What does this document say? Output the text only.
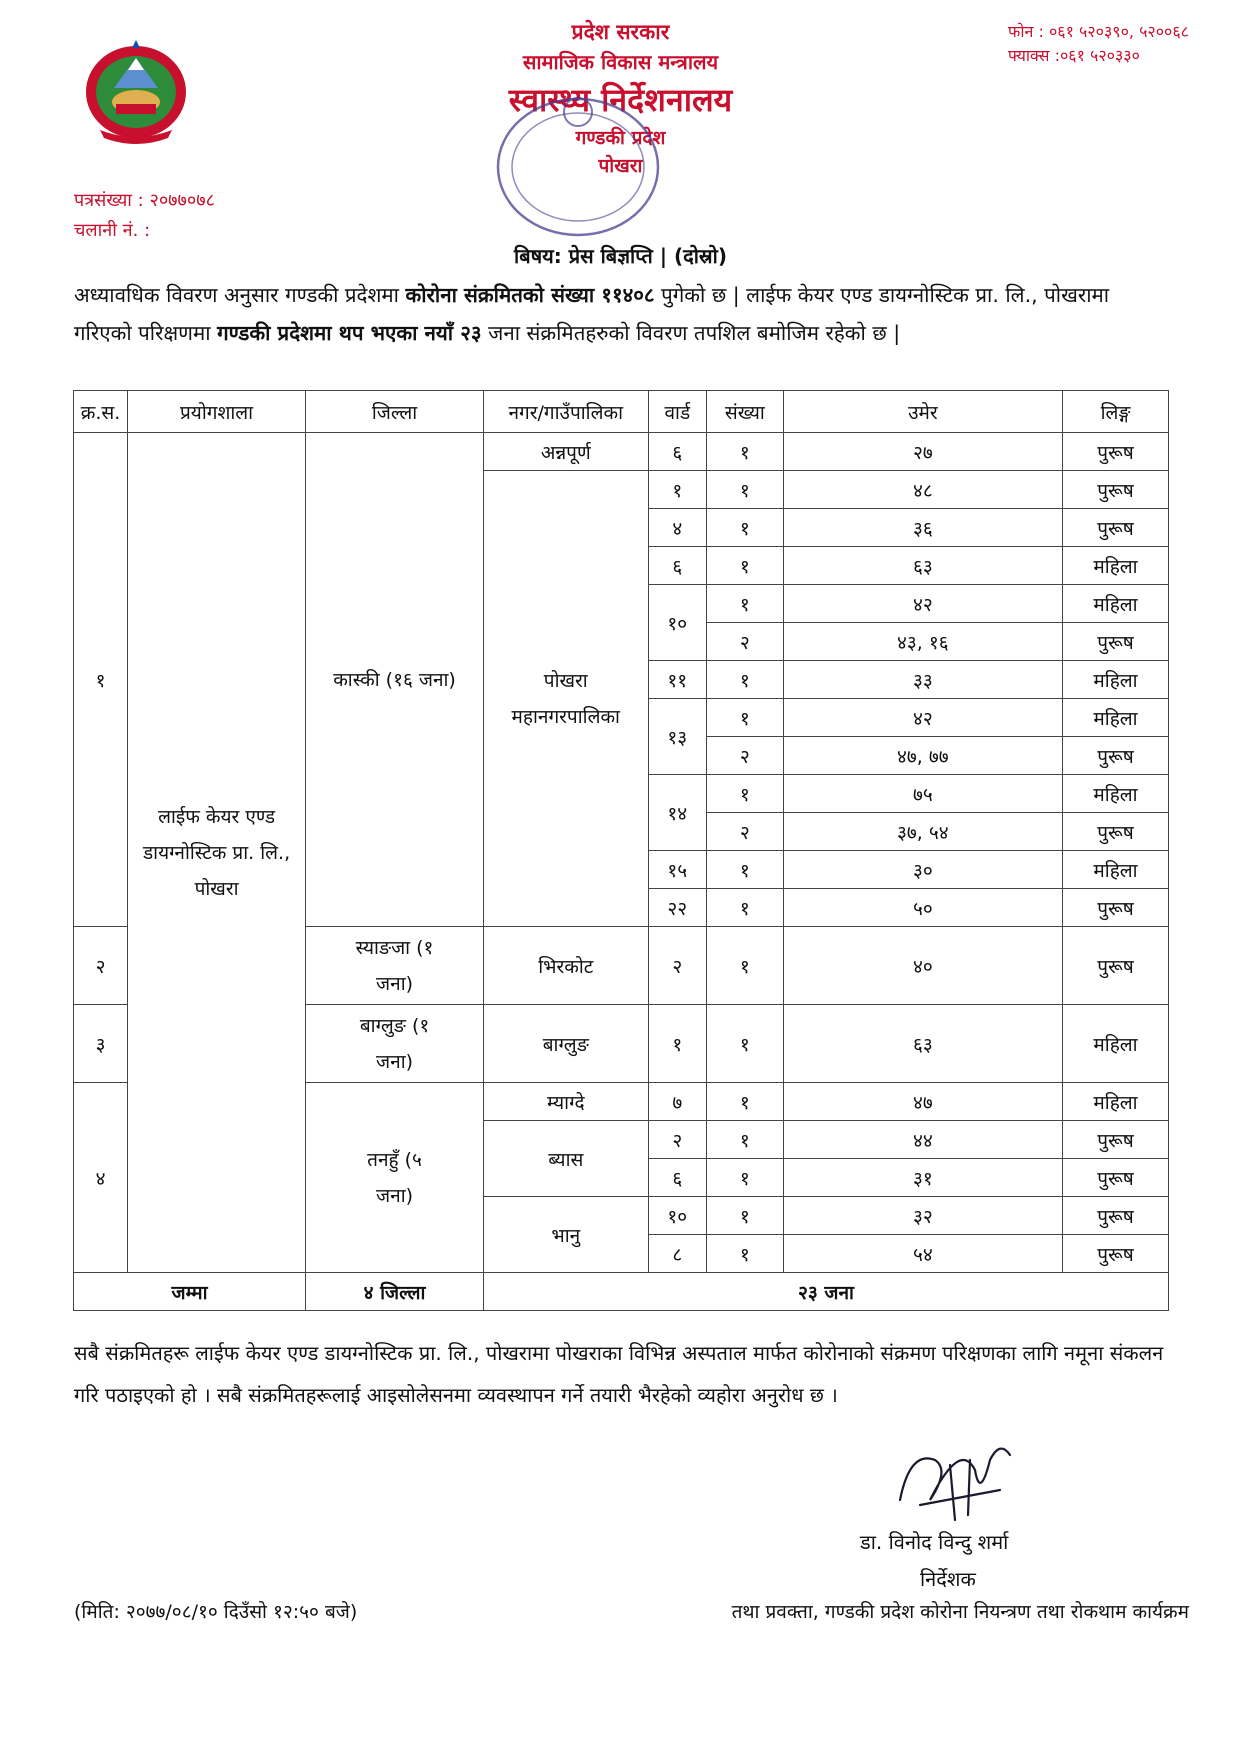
प्रदेश सरकार
सामाजिक विकास मन्त्रालय
स्वास्थ्य निर्देशनालय
गण्डकी प्रदेश
पोखरा
फोन : ०६१ ५२०३९०, ५२००६८
फ्याक्स :०६१ ५२०३३०
पत्रसंख्या : २०७७०७८
चलानी नं. :
बिषय: प्रेस बिज्ञप्ति | (दोस्रो)
अध्यावधिक विवरण अनुसार गण्डकी प्रदेशमा कोरोना संक्रमितको संख्या ११४०८ पुगेको छ | लाईफ केयर एण्ड डायग्नोस्टिक प्रा. लि., पोखरामा गरिएको परिक्षणमा गण्डकी प्रदेशमा थप भएका नयाँ २३ जना संक्रमितहरुको विवरण तपशिल बमोजिम रहेको छ |
क्र.स.	प्रयोगशाला	जिल्ला	नगर/गाउँपालिका	वार्ड	संख्या	उमेर	लिङ्ग
१	लाईफ केयर एण्ड डायग्नोस्टिक प्रा. लि., पोखरा	कास्की (१६ जना)	अन्नपूर्ण	६	१	२७	पुरूष
			पोखरा महानगरपालिका	१	१	४८	पुरूष
				४	१	३६	पुरूष
				६	१	६३	महिला
				१०	१	४२	महिला
					२	४३, १६	पुरूष
				११	१	३३	महिला
				१३	१	४२	महिला
					२	४७, ७७	पुरूष
				१४	१	७५	महिला
					२	३७, ५४	पुरूष
				१५	१	३०	महिला
				२२	१	५०	पुरूष
२		स्याङजा (१ जना)	भिरकोट	२	१	४०	पुरूष
३		बाग्लुङ (१ जना)	बाग्लुङ	१	१	६३	महिला
४		तनहुँ (५ जना)	म्याग्दे	७	१	४७	महिला
			ब्यास	२	१	४४	पुरूष
				६	१	३१	पुरूष
			भानु	१०	१	३२	पुरूष
				८	१	५४	पुरूष
जम्मा		४ जिल्ला	२३ जना				
सबै संक्रमितहरू लाईफ केयर एण्ड डायग्नोस्टिक प्रा. लि., पोखरामा पोखराका विभिन्न अस्पताल मार्फत कोरोनाको संक्रमण परिक्षणका लागि नमूना संकलन गरि पठाइएको हो । सबै संक्रमितहरूलाई आइसोलेसनमा व्यवस्थापन गर्ने तयारी भैरहेको व्यहोरा अनुरोध छ ।
डा. विनोद विन्दु शर्मा
निर्देशक
(मिति: २०७७/०८/१० दिउँसो १२:५० बजे)	तथा प्रवक्ता, गण्डकी प्रदेश कोरोना नियन्त्रण तथा रोकथाम कार्यक्रम
